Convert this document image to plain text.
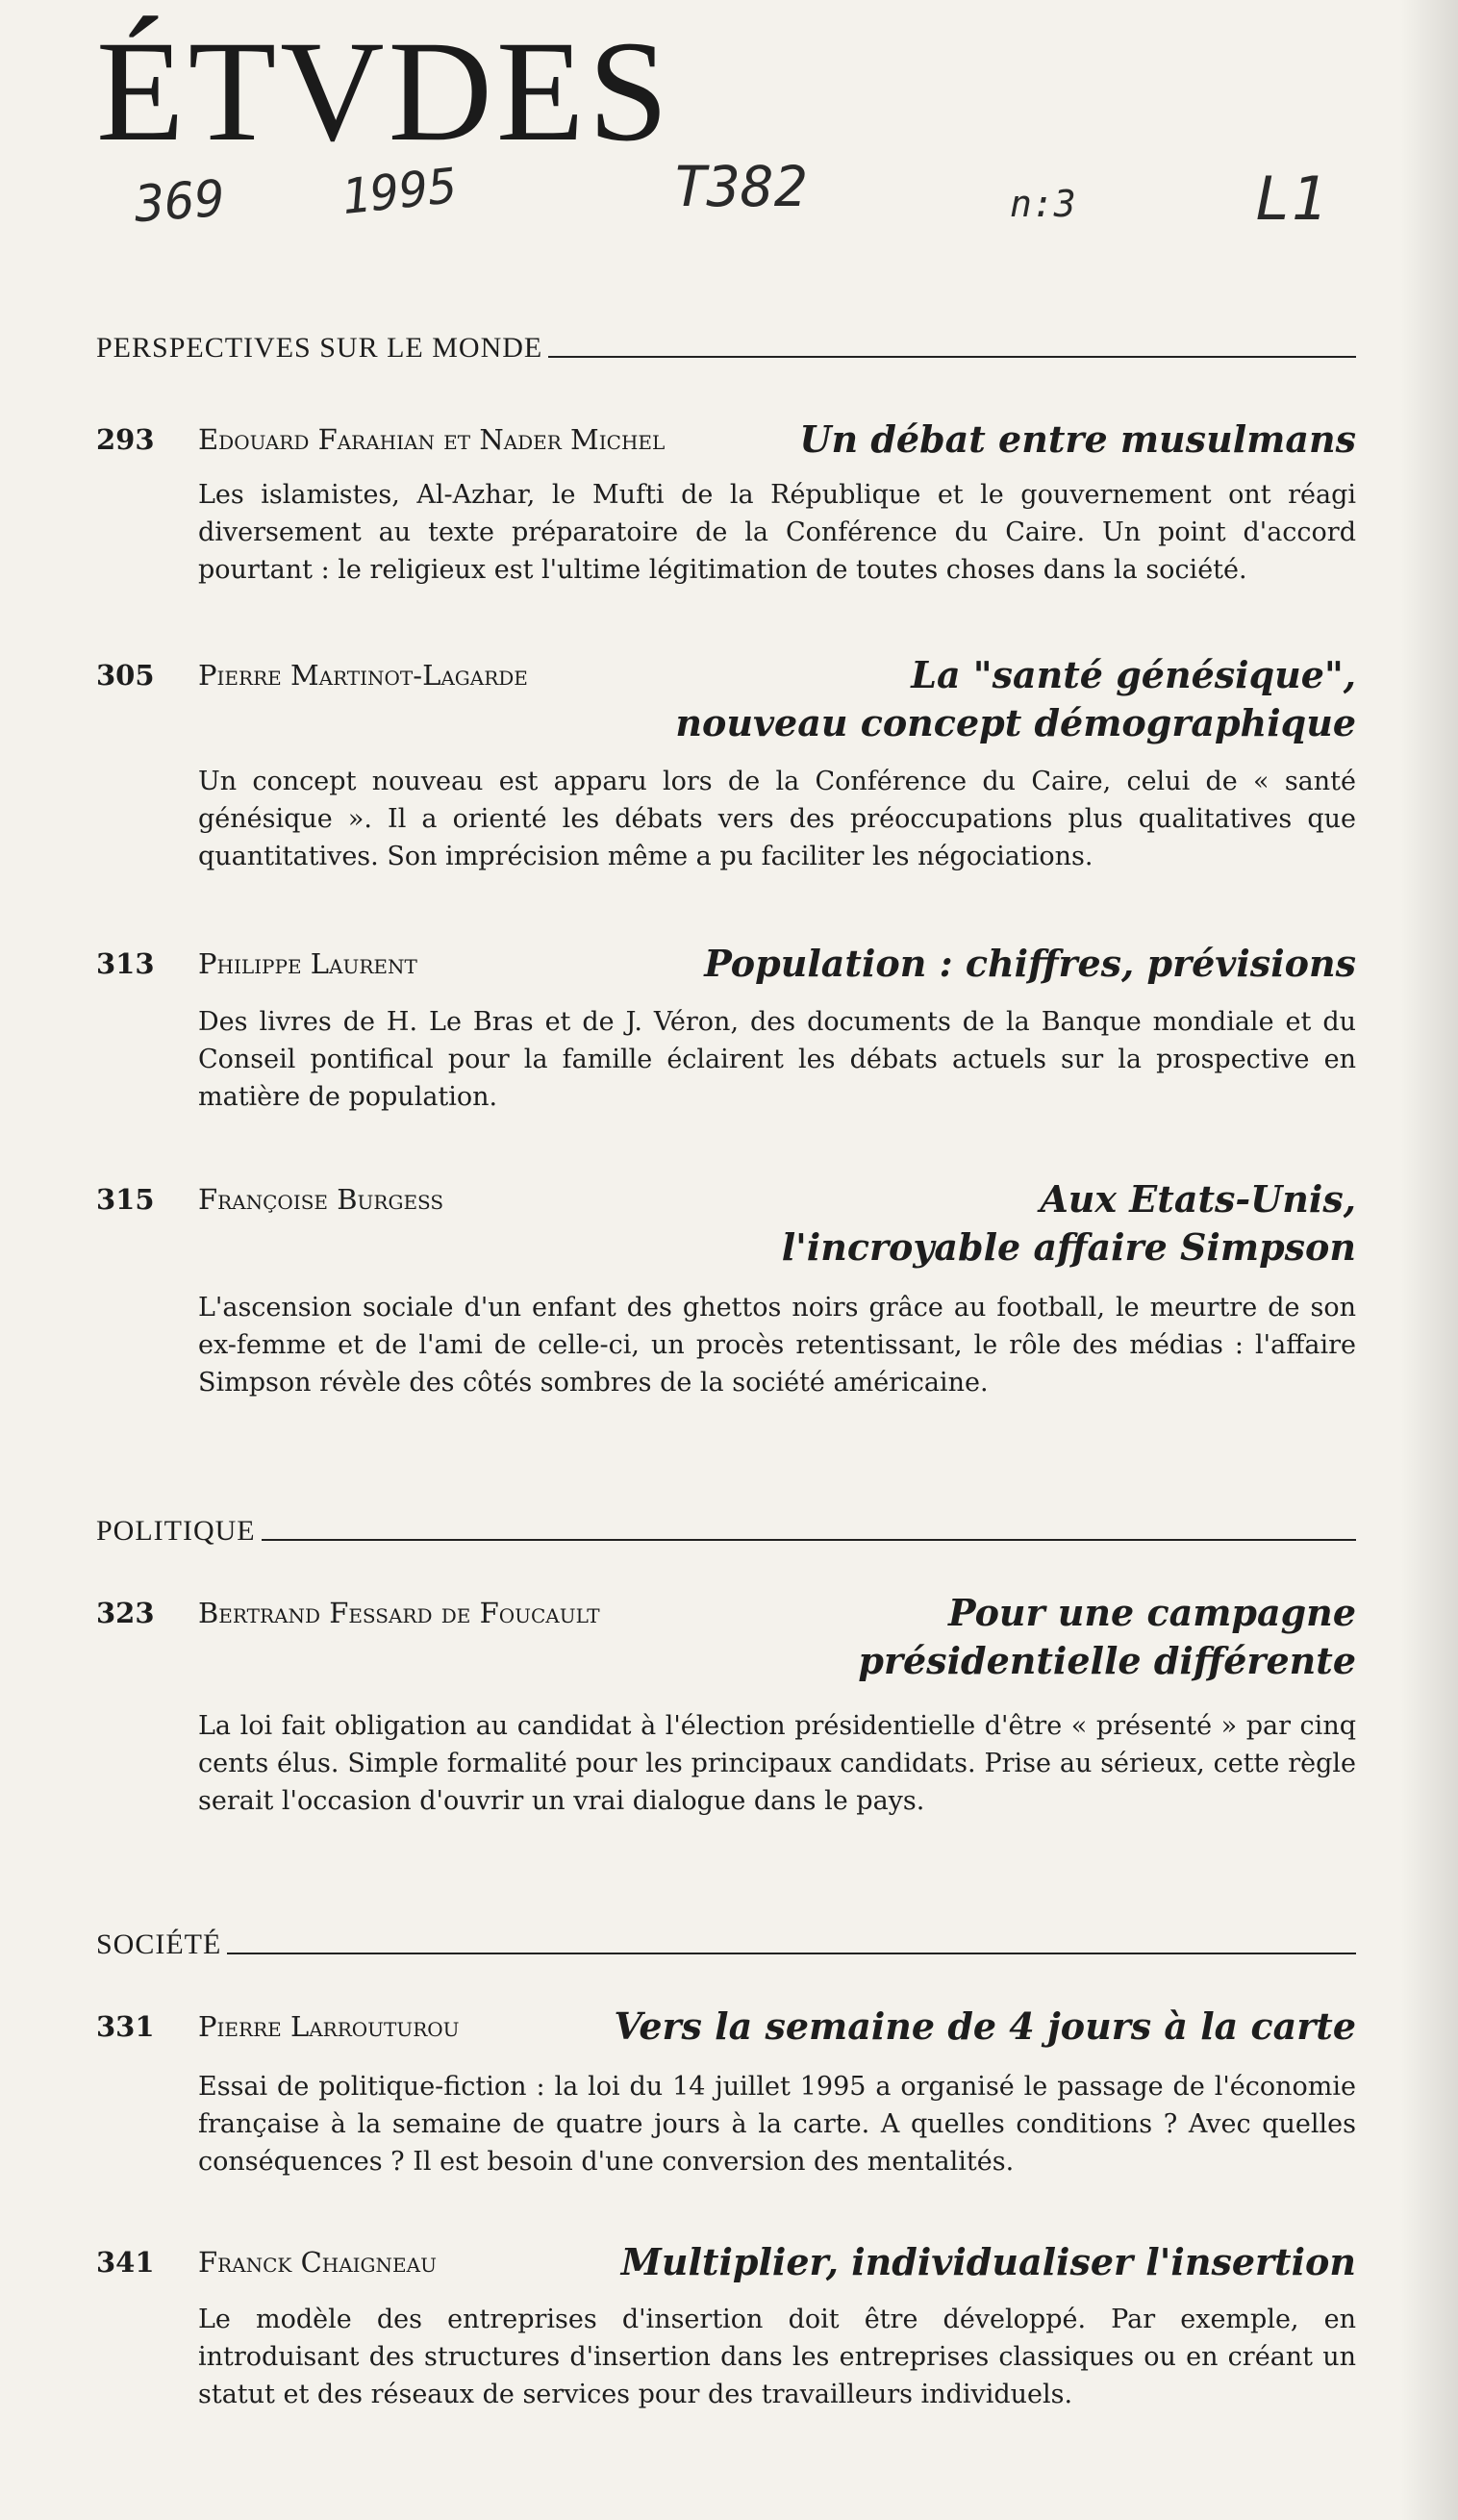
ÉTVDES
369 1995	T382	n:3	L1
PERSPECTIVES SUR LE MONDE
293 Edouard Farahian et Nader Michel	Un débat entre musulmans
Les islamistes, Al-Azhar, le Mufti de la République et le gouvernement ont réagi diversement au texte préparatoire de la Conférence du Caire. Un point d'accord pourtant : le religieux est l'ultime légitimation de toutes choses dans la société.
305 Pierre Martinot-Lagarde	La "santé génésique",
nouveau concept démographique
Un concept nouveau est apparu lors de la Conférence du Caire, celui de « santé génésique ». Il a orienté les débats vers des préoccupations plus qualitatives que quantitatives. Son imprécision même a pu faciliter les négociations.
313 Philippe Laurent	Population : chiffres, prévisions
Des livres de H. Le Bras et de J. Véron, des documents de la Banque mondiale et du Conseil pontifical pour la famille éclairent les débats actuels sur la prospective en matière de population.
315 Françoise Burgess	Aux Etats-Unis,
l'incroyable affaire Simpson
L'ascension sociale d'un enfant des ghettos noirs grâce au football, le meurtre de son ex-femme et de l'ami de celle-ci, un procès retentissant, le rôle des médias : l'affaire Simpson révèle des côtés sombres de la société américaine.
POLITIQUE
323 Bertrand Fessard de Foucault	Pour une campagne
présidentielle différente
La loi fait obligation au candidat à l'élection présidentielle d'être « présenté » par cinq cents élus. Simple formalité pour les principaux candidats. Prise au sérieux, cette règle serait l'occasion d'ouvrir un vrai dialogue dans le pays.
SOCIÉTÉ
331 Pierre Larrouturou	Vers la semaine de 4 jours à la carte
Essai de politique-fiction : la loi du 14 juillet 1995 a organisé le passage de l'économie française à la semaine de quatre jours à la carte. A quelles conditions ? Avec quelles conséquences ? Il est besoin d'une conversion des mentalités.
341 Franck Chaigneau	Multiplier, individualiser l'insertion
Le modèle des entreprises d'insertion doit être développé. Par exemple, en introduisant des structures d'insertion dans les entreprises classiques ou en créant un statut et des réseaux de services pour des travailleurs individuels.
